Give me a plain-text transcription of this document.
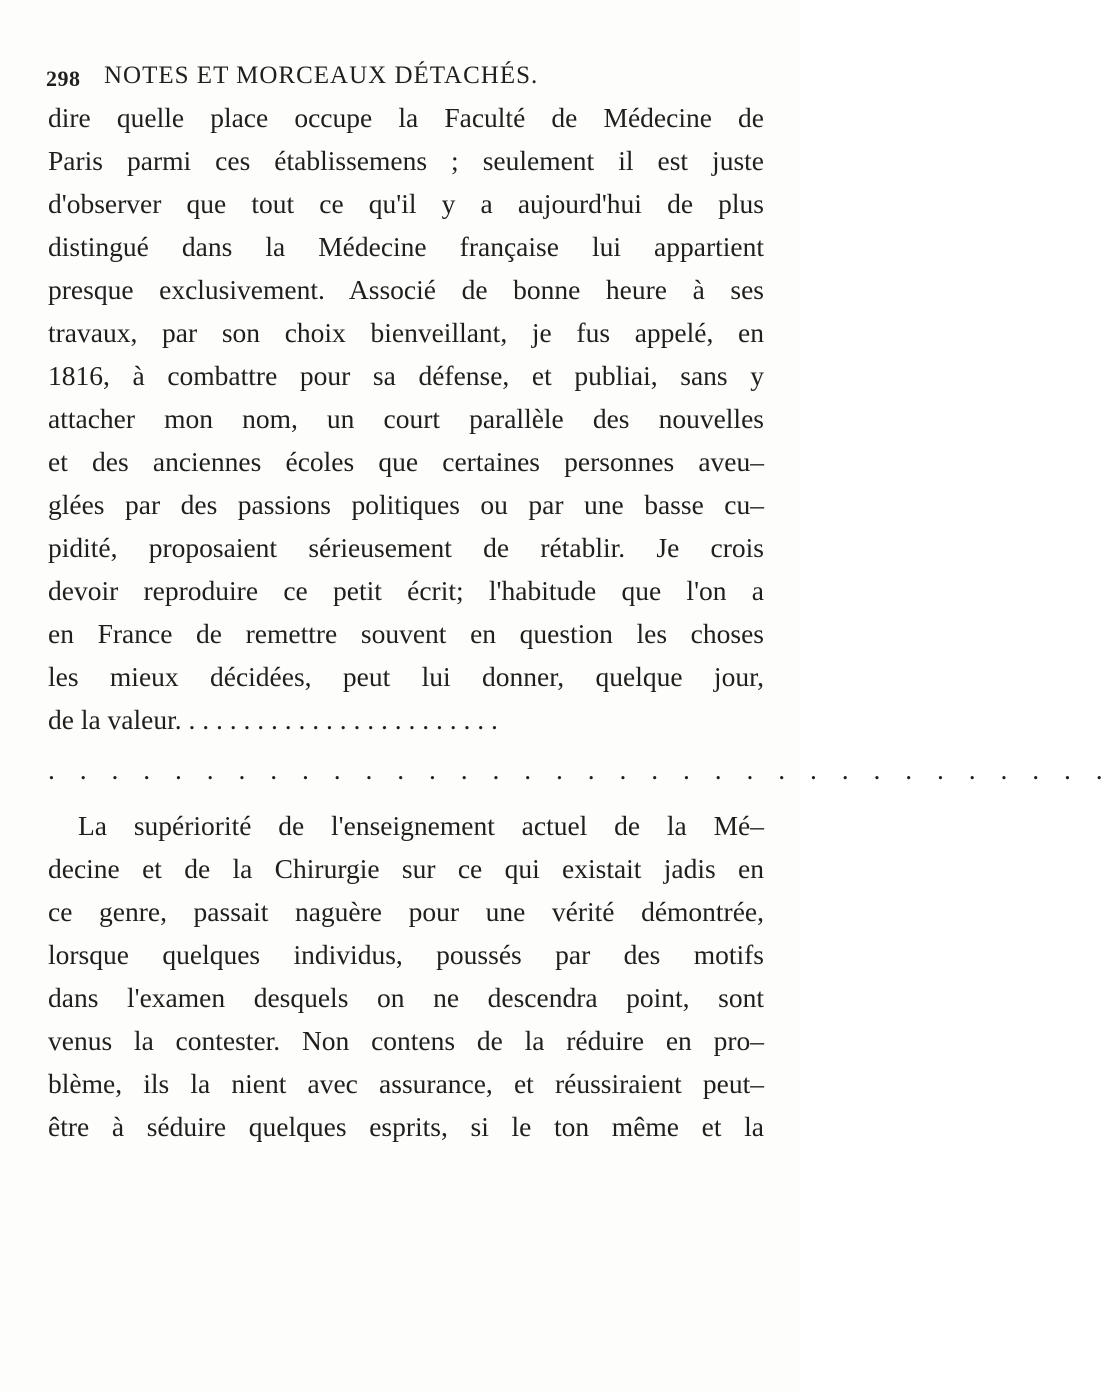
298 NOTES ET MORCEAUX DÉTACHÉS.
dire quelle place occupe la Faculté de Médecine de
Paris parmi ces établissemens ; seulement il est juste
d'observer que tout ce qu'il y a aujourd'hui de plus
distingué dans la Médecine française lui appartient
presque exclusivement. Associé de bonne heure à ses
travaux, par son choix bienveillant, je fus appelé, en
1816, à combattre pour sa défense, et publiai, sans y
attacher mon nom, un court parallèle des nouvelles
et des anciennes écoles que certaines personnes aveu–
glées par des passions politiques ou par une basse cu–
pidité, proposaient sérieusement de rétablir. Je crois
devoir reproduire ce petit écrit; l'habitude que l'on a
en France de remettre souvent en question les choses
les mieux décidées, peut lui donner, quelque jour,
de la valeur. . . . . . . . . . . . . . . . . . . . . . . .
. . . . . . . . . . . . . . . . . . . . . . . . . . . . . . . . . .
La supériorité de l'enseignement actuel de la Mé–
decine et de la Chirurgie sur ce qui existait jadis en
ce genre, passait naguère pour une vérité démontrée,
lorsque quelques individus, poussés par des motifs
dans l'examen desquels on ne descendra point, sont
venus la contester. Non contens de la réduire en pro–
blème, ils la nient avec assurance, et réussiraient peut–
être à séduire quelques esprits, si le ton même et la
